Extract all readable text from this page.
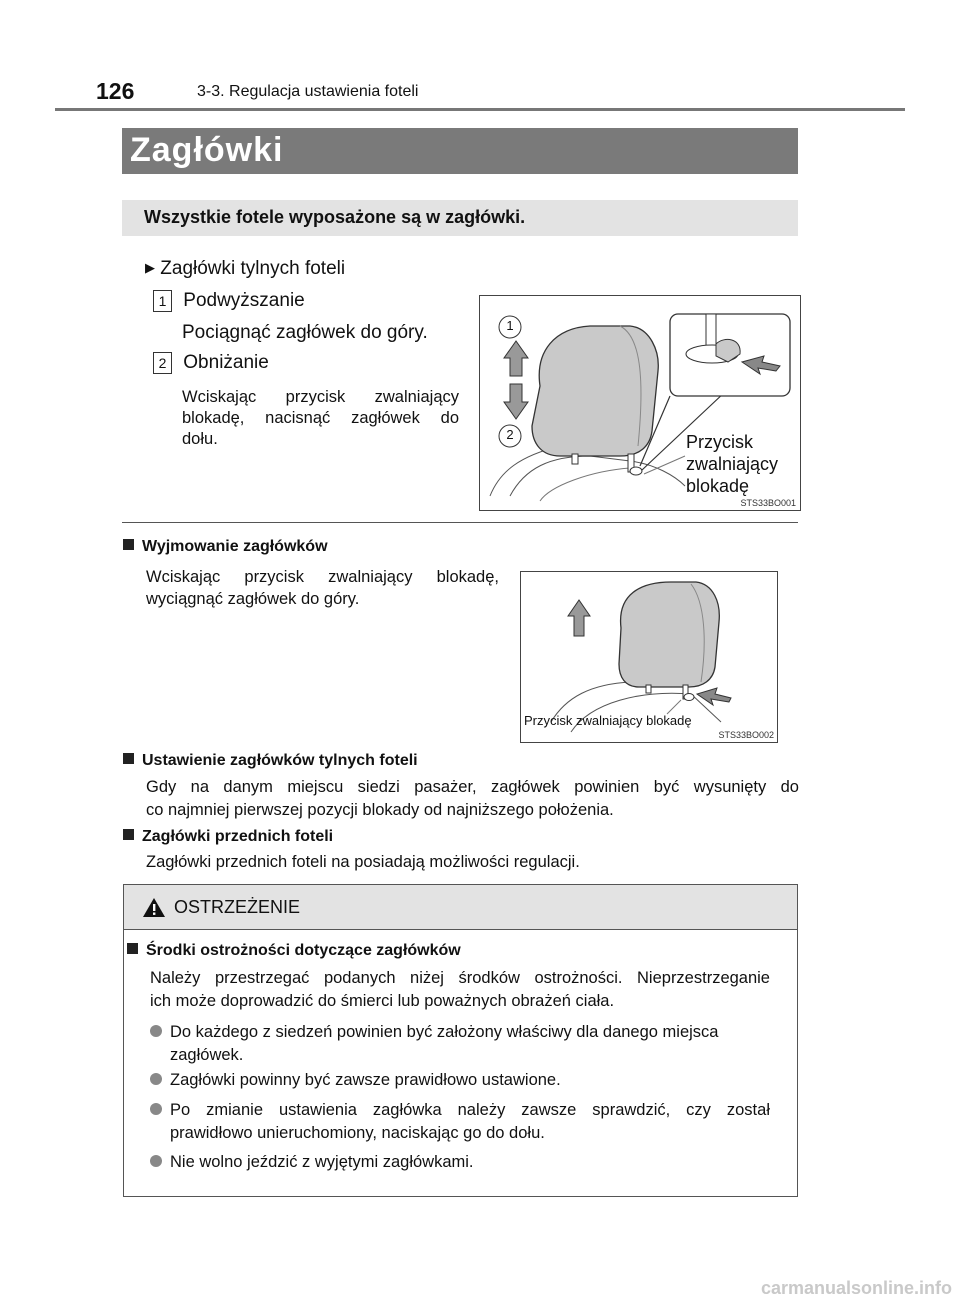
126	3-3. Regulacja ustawienia foteli
Zagłówki
Wszystkie fotele wyposażone są w zagłówki.
▶ Zagłówki tylnych foteli
1 Podwyższanie
Pociągnąć zagłówek do góry.
2 Obniżanie
Wciskając przycisk zwalniający
blokadę, nacisnąć zagłówek do
dołu.
1
2	Przycisk
zwalniający
blokadę
STS33BO001
Wyjmowanie zagłówków
Wciskając przycisk zwalniający blokadę,
wyciągnąć zagłówek do góry.
Przycisk zwalniający blokadę
STS33BO002
Ustawienie zagłówków tylnych foteli
Gdy na danym miejscu siedzi pasażer, zagłówek powinien być wysunięty do
co najmniej pierwszej pozycji blokady od najniższego położenia.
Zagłówki przednich foteli
Zagłówki przednich foteli na posiadają możliwości regulacji.
OSTRZEŻENIE
Środki ostrożności dotyczące zagłówków
Należy przestrzegać podanych niżej środków ostrożności. Nieprzestrzeganie
ich może doprowadzić do śmierci lub poważnych obrażeń ciała.
Do każdego z siedzeń powinien być założony właściwy dla danego miejsca
zagłówek.
Zagłówki powinny być zawsze prawidłowo ustawione.
Po zmianie ustawienia zagłówka należy zawsze sprawdzić, czy został
prawidłowo unieruchomiony, naciskając go do dołu.
Nie wolno jeździć z wyjętymi zagłówkami.
carmanualsonline.info
